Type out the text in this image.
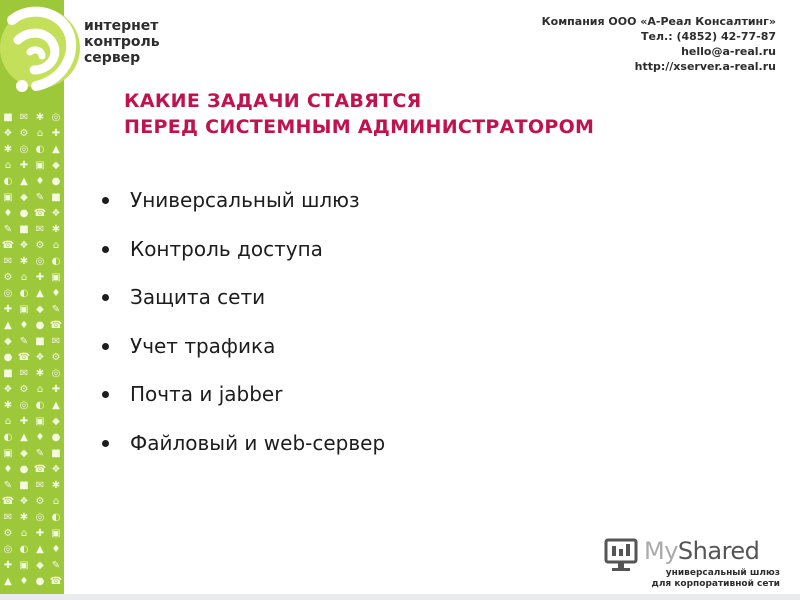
■ ✉ ✱ ◎
❖ ⚙ ⌂ ✚
✱ ◎ ◐ ▲
⌂ ✚ ▣ ◆
◐ ▲ ♦ ●
▣ ◆ ✎ ■
♦ ● ☎ ❖
✎ ■ ✉ ✱
☎ ❖ ⚙ ⌂
✉ ✱ ◎ ◐
⚙ ⌂ ✚ ▣
◎ ◐ ▲ ♦
✚ ▣ ◆ ✎
▲ ♦ ● ☎
◆ ✎ ■ ✉
● ☎ ❖ ⚙
■ ✉ ✱ ◎
❖ ⚙ ⌂ ✚
✱ ◎ ◐ ▲
⌂ ✚ ▣ ◆
◐ ▲ ♦ ●
▣ ◆ ✎ ■
♦ ● ☎ ❖
✎ ■ ✉ ✱
☎ ❖ ⚙ ⌂
✉ ✱ ◎ ◐
⚙ ⌂ ✚ ▣
◎ ◐ ▲ ♦
✚ ▣ ◆ ✎
▲ ♦ ● ☎
интернет
контроль
сервер
Компания ООО «А-Реал Консалтинг»
Тел.: (4852) 42-77-87
hello@a-real.ru
http://xserver.a-real.ru
КАКИЕ ЗАДАЧИ СТАВЯТСЯ
ПЕРЕД СИСТЕМНЫМ АДМИНИСТРАТОРОМ
Универсальный шлюз
Контроль доступа
Защита сети
Учет трафика
Почта и jabber
Файловый и web-сервер
MyShared
универсальный шлюз
для корпоративной сети
